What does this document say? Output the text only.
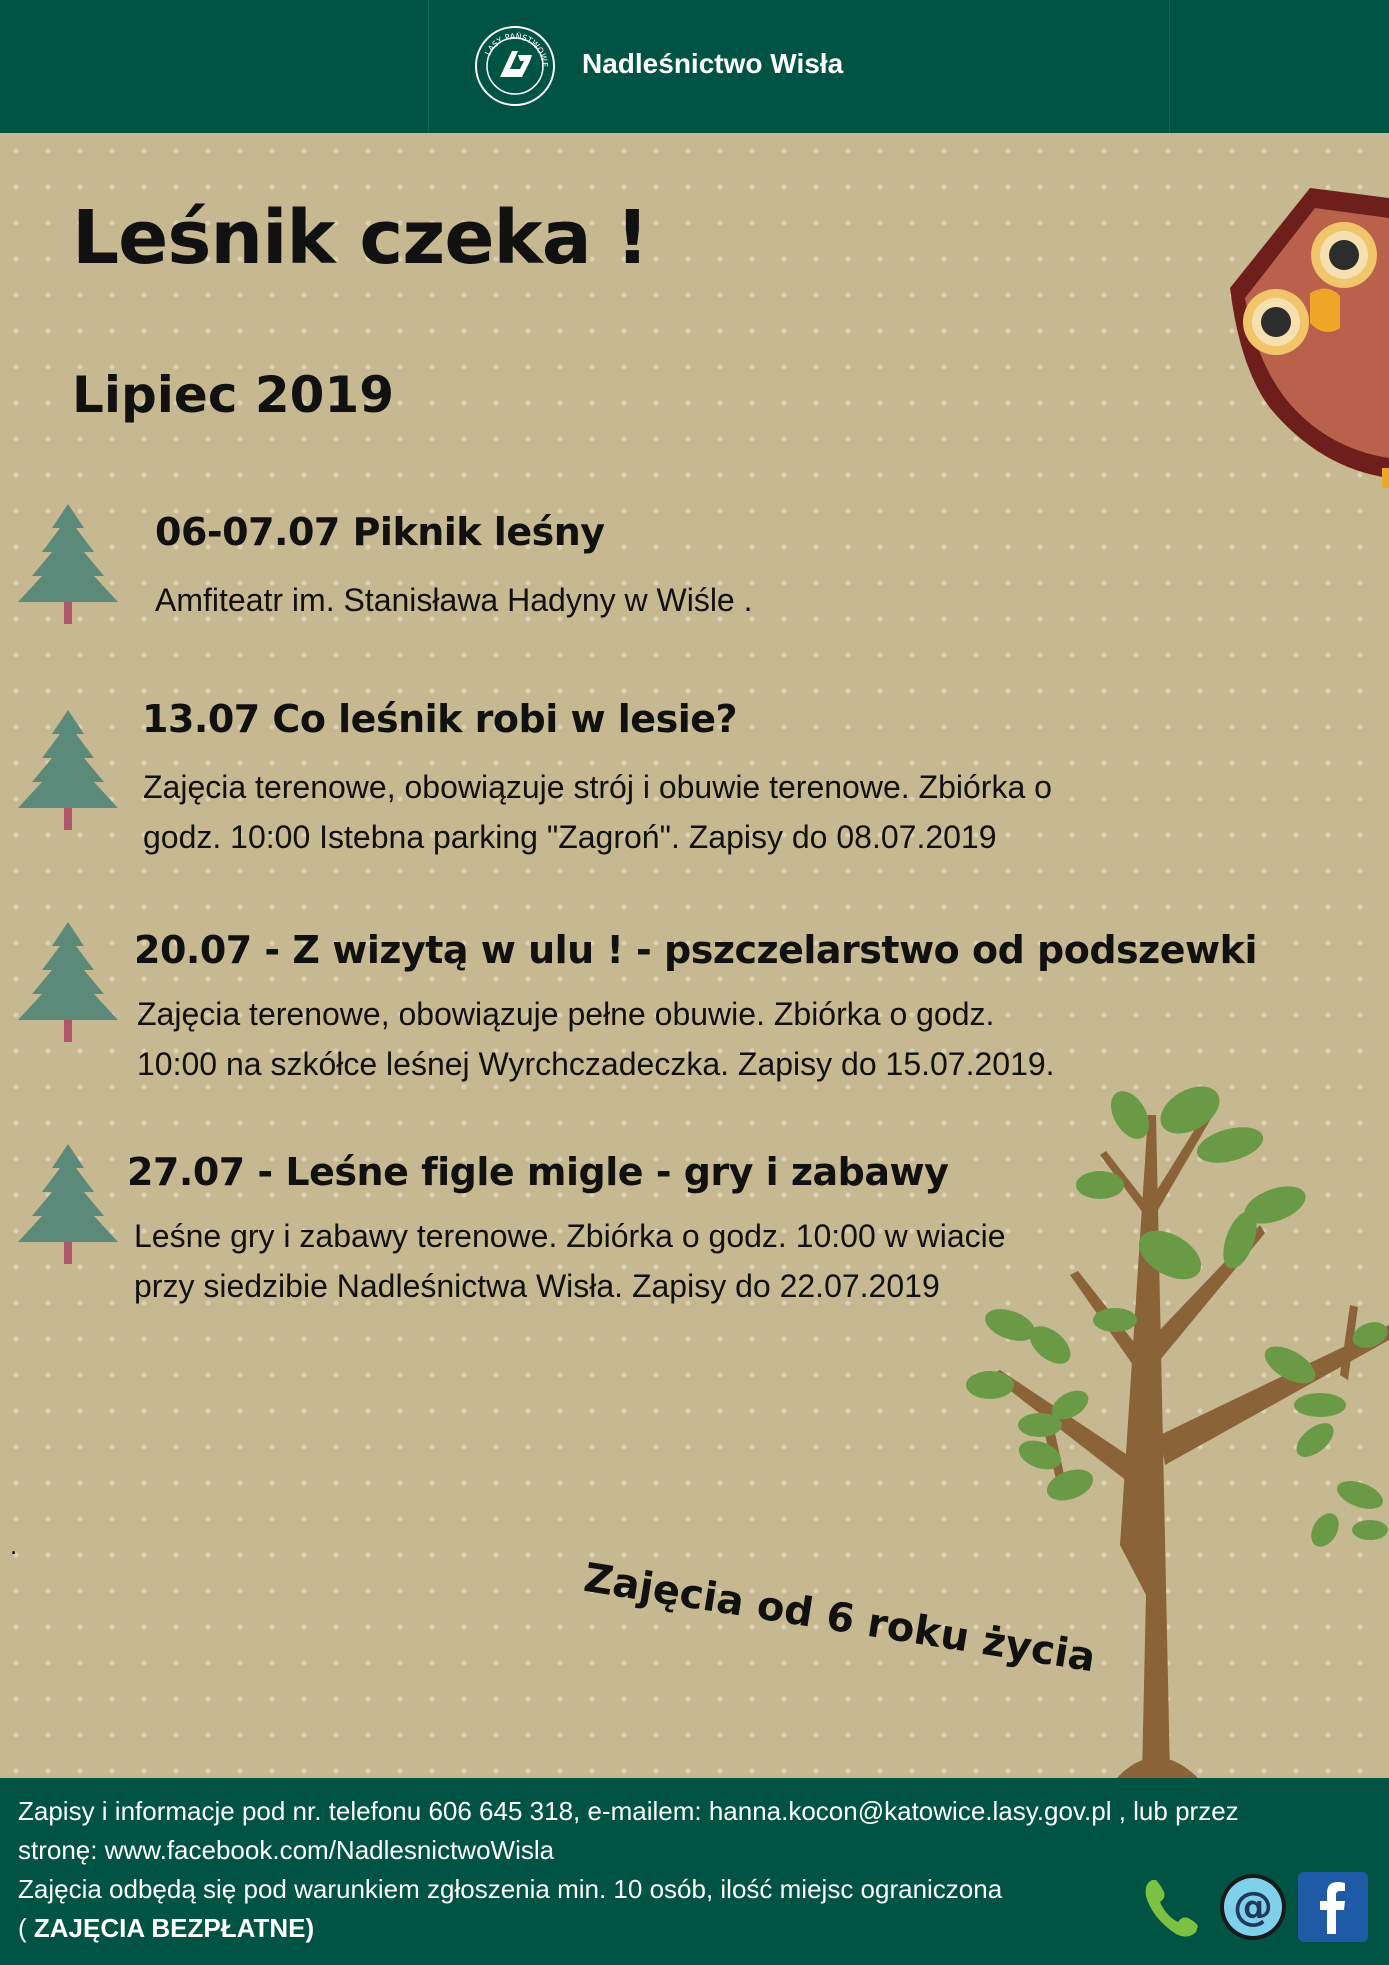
LASY PAŃSTWOWE Nadleśnictwo Wisła
Leśnik czeka !
Lipiec 2019
06-07.07 Piknik leśny

Amfiteatr im. Stanisława Hadyny w Wiśle .

13.07 Co leśnik robi w lesie?

Zajęcia terenowe, obowiązuje strój i obuwie terenowe. Zbiórka o
godz. 10:00 Istebna parking "Zagroń". Zapisy do 08.07.2019

20.07 - Z wizytą w ulu ! - pszczelarstwo od podszewki

Zajęcia terenowe, obowiązuje pełne obuwie. Zbiórka o godz.
10:00 na szkółce leśnej Wyrchczadeczka. Zapisy do 15.07.2019.

27.07 - Leśne figle migle - gry i zabawy

Leśne gry i zabawy terenowe. Zbiórka o godz. 10:00 w wiacie
przy siedzibie Nadleśnictwa Wisła. Zapisy do 22.07.2019

.
Zajęcia od 6 roku życia

Zapisy i informacje pod nr. telefonu 606 645 318, e-mailem: hanna.kocon@katowice.lasy.gov.pl , lub przez

stronę: www.facebook.com/NadlesnictwoWisla

Zajęcia odbędą się pod warunkiem zgłoszenia min. 10 osób, ilość miejsc ograniczona

( ZAJĘCIA BEZPŁATNE)	@
